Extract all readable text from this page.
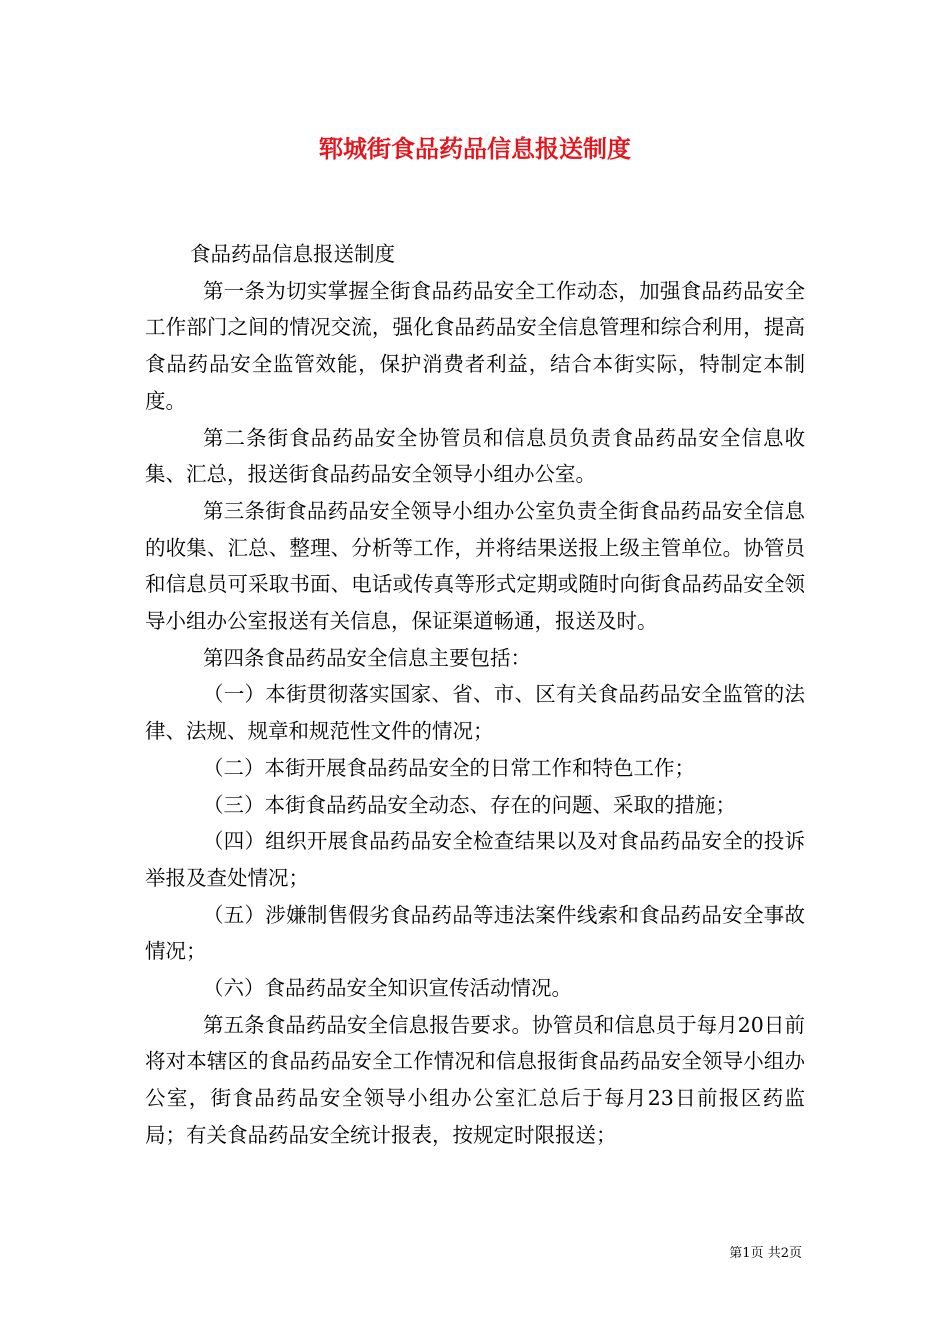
郓城街食品药品信息报送制度

食品药品信息报送制度

第一条为切实掌握全街食品药品安全工作动态，加强食品药品安全工作部门之间的情况交流，强化食品药品安全信息管理和综合利用，提高食品药品安全监管效能，保护消费者利益，结合本街实际，特制定本制度。

第二条街食品药品安全协管员和信息员负责食品药品安全信息收集、汇总，报送街食品药品安全领导小组办公室。

第三条街食品药品安全领导小组办公室负责全街食品药品安全信息的收集、汇总、整理、分析等工作，并将结果送报上级主管单位。协管员和信息员可采取书面、电话或传真等形式定期或随时向街食品药品安全领导小组办公室报送有关信息，保证渠道畅通，报送及时。

第四条食品药品安全信息主要包括：

（一）本街贯彻落实国家、省、市、区有关食品药品安全监管的法律、法规、规章和规范性文件的情况；

（二）本街开展食品药品安全的日常工作和特色工作；

（三）本街食品药品安全动态、存在的问题、采取的措施；

（四）组织开展食品药品安全检查结果以及对食品药品安全的投诉举报及查处情况；

（五）涉嫌制售假劣食品药品等违法案件线索和食品药品安全事故情况；

（六）食品药品安全知识宣传活动情况。

第五条食品药品安全信息报告要求。协管员和信息员于每月20日前将对本辖区的食品药品安全工作情况和信息报街食品药品安全领导小组办公室，街食品药品安全领导小组办公室汇总后于每月23日前报区药监局；有关食品药品安全统计报表，按规定时限报送；

第1页 共2页
